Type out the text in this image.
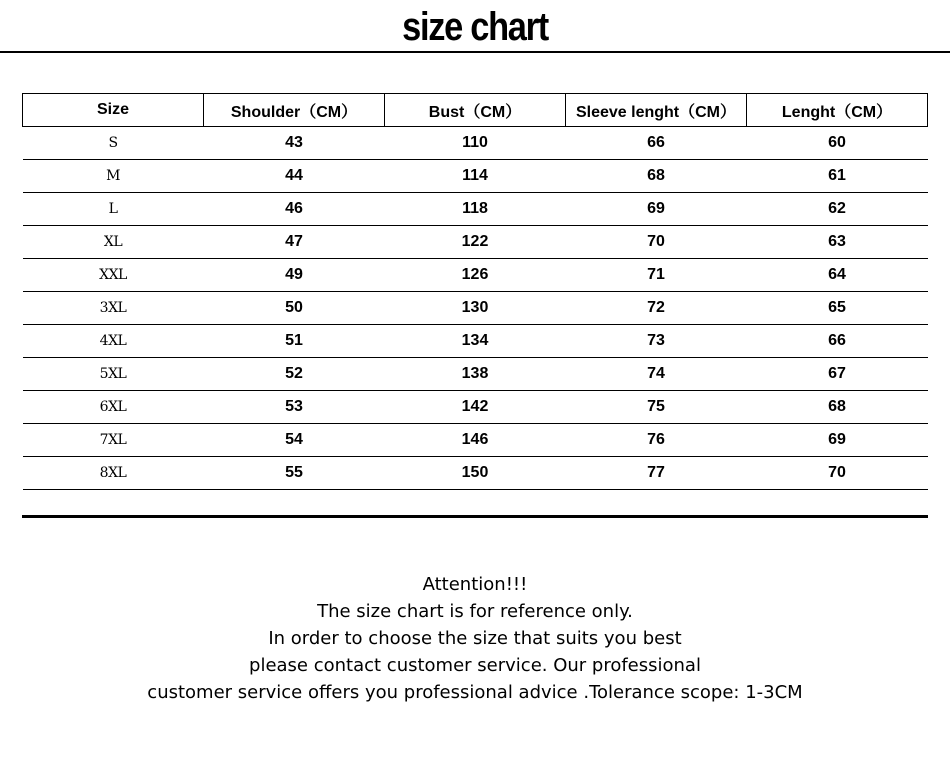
size chart
Size	Shoulder（CM）	Bust（CM）	Sleeve lenght（CM）	Lenght（CM）
S	43	110	66	60
M	44	114	68	61
L	46	118	69	62
XL	47	122	70	63
XXL	49	126	71	64
3XL	50	130	72	65
4XL	51	134	73	66
5XL	52	138	74	67
6XL	53	142	75	68
7XL	54	146	76	69
8XL	55	150	77	70
Attention!!!
The size chart is for reference only.
In order to choose the size that suits you best
please contact customer service. Our professional
customer service offers you professional advice .Tolerance scope: 1-3CM
